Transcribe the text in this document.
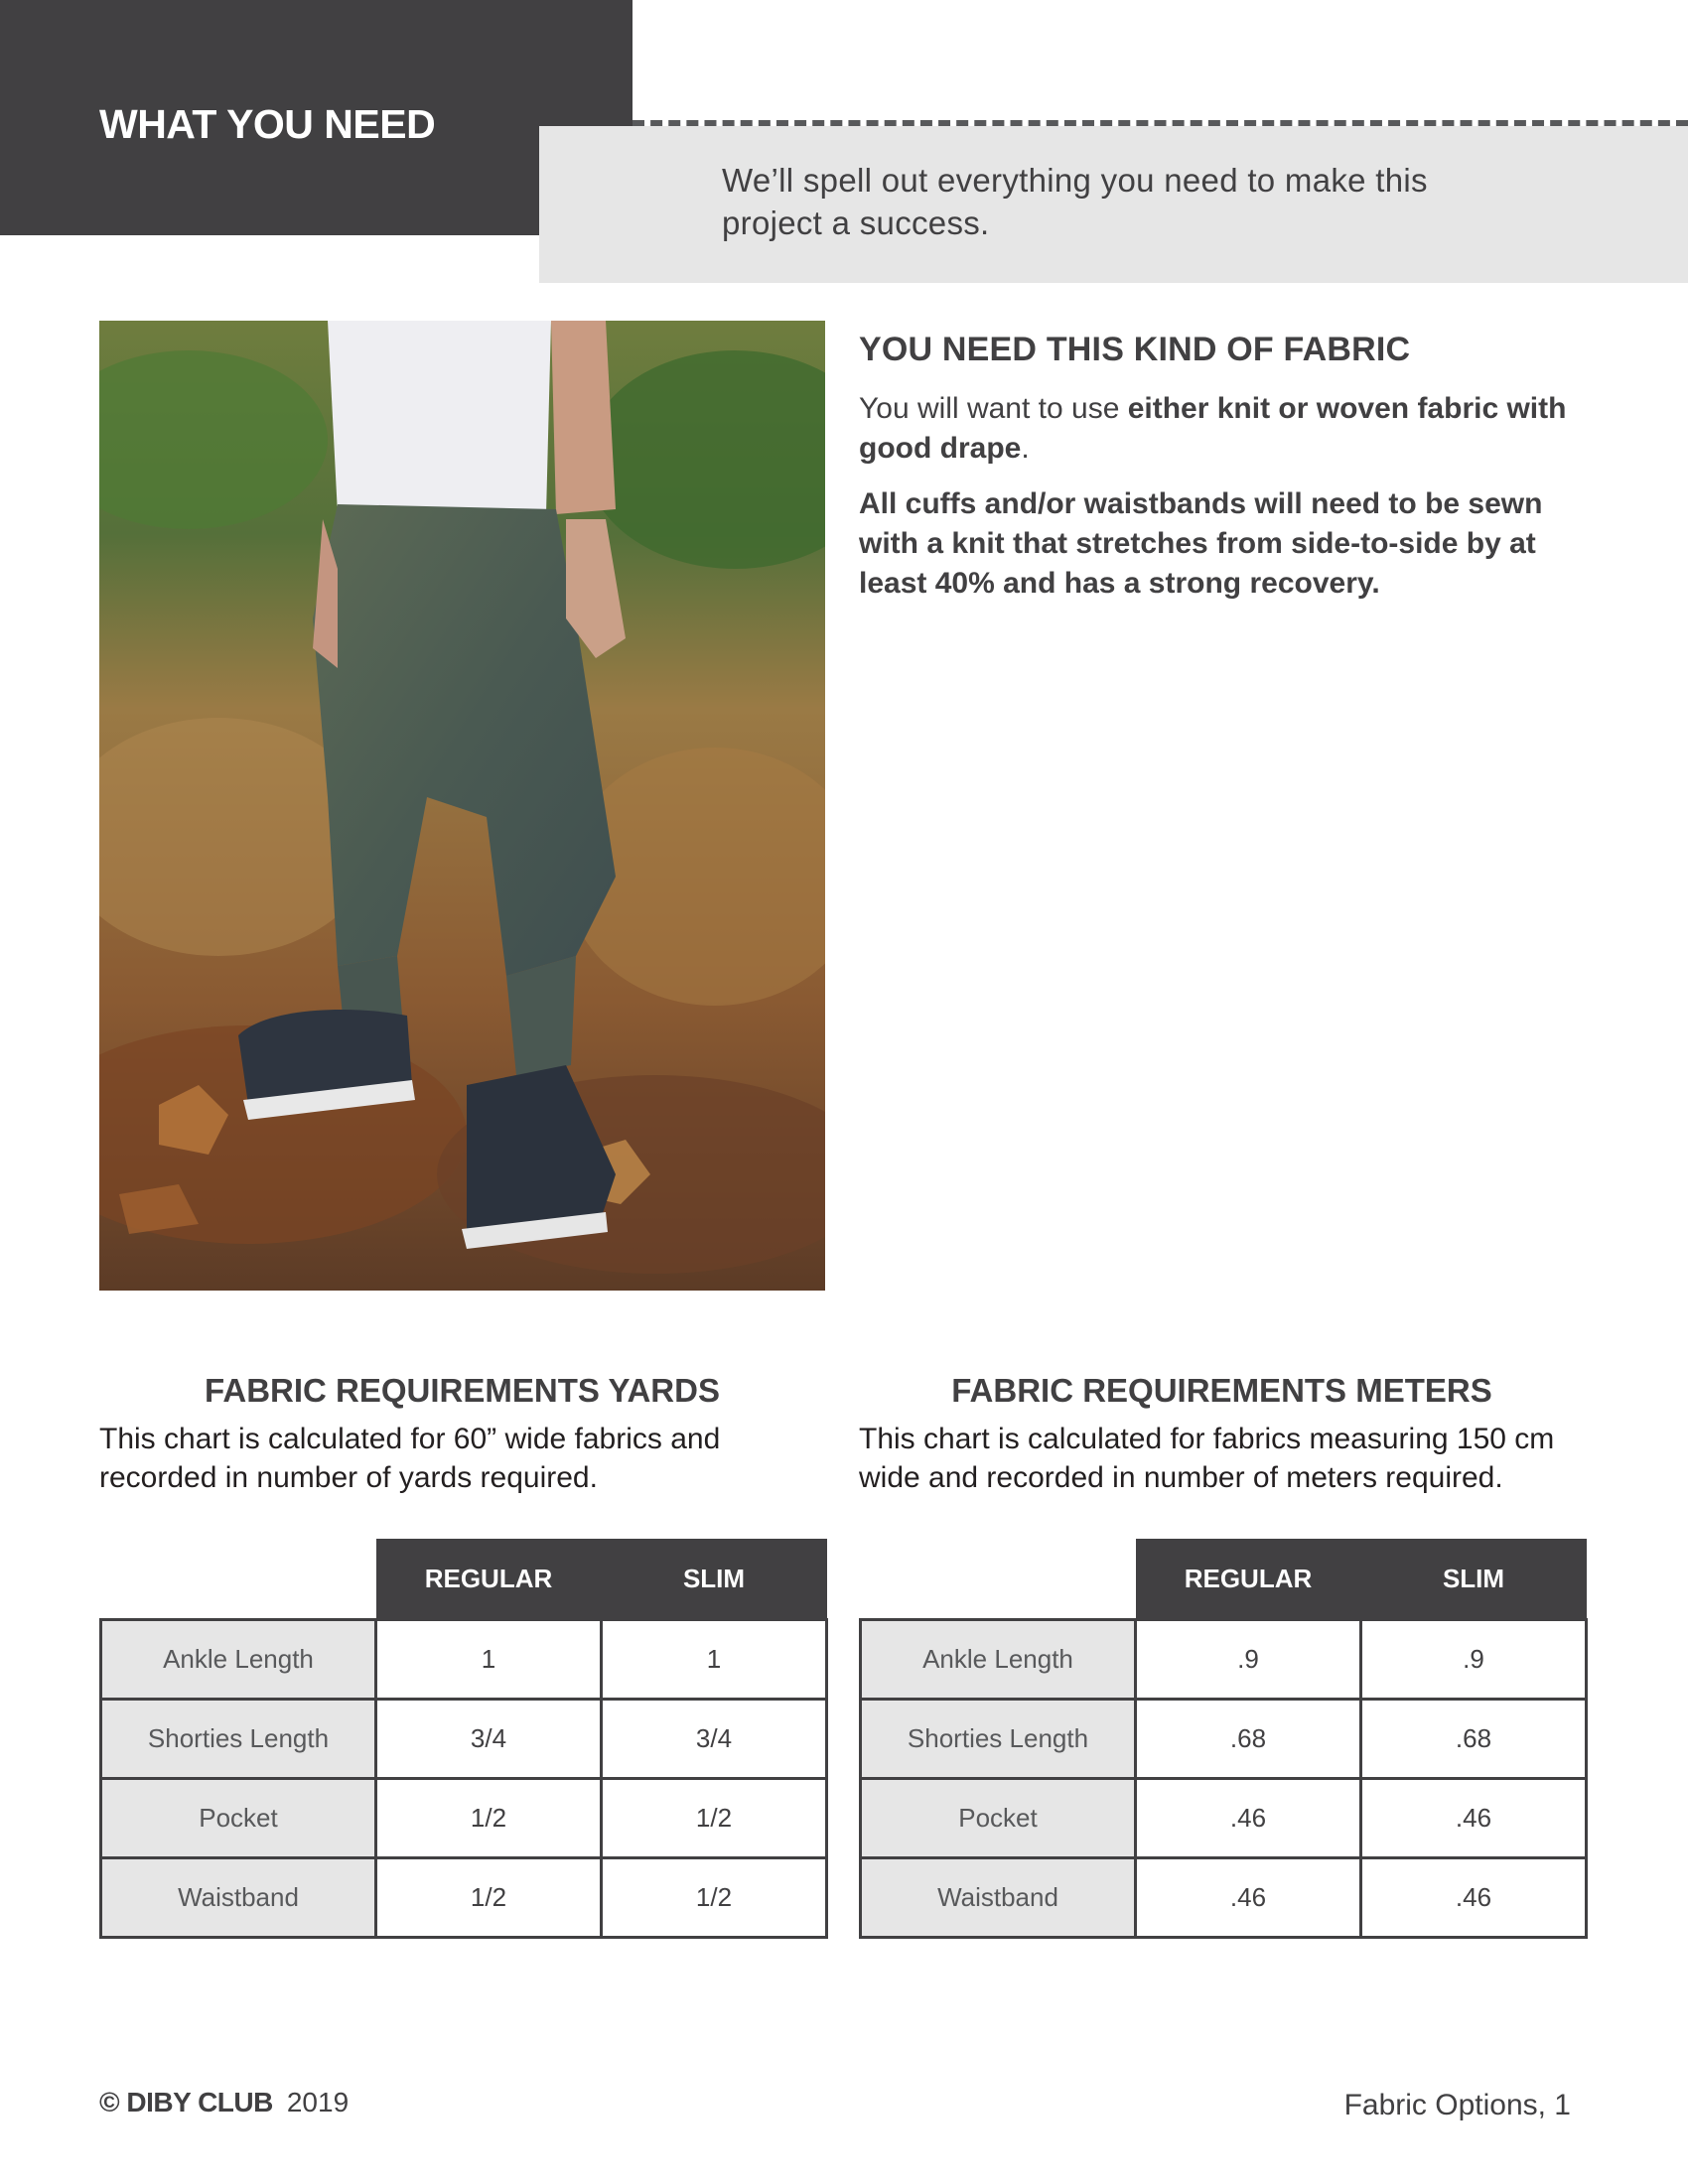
WHAT YOU NEED

We’ll spell out everything you need to make this project a success.

YOU NEED THIS KIND OF FABRIC

You will want to use either knit or woven fabric with good drape.

All cuffs and/or waistbands will need to be sewn with a knit that stretches from side-to-side by at least 40% and has a strong recovery.

FABRIC REQUIREMENTS YARDS

This chart is calculated for 60” wide fabrics and recorded in number of yards required.

	REGULAR	SLIM
Ankle Length	1	1
Shorties Length	3/4	3/4
Pocket	1/2	1/2
Waistband	1/2	1/2
FABRIC REQUIREMENTS METERS

This chart is calculated for fabrics measuring 150 cm wide and recorded in number of meters required.

	REGULAR	SLIM
Ankle Length	.9	.9
Shorties Length	.68	.68
Pocket	.46	.46
Waistband	.46	.46

© DIBY CLUB 2019	Fabric Options, 1
